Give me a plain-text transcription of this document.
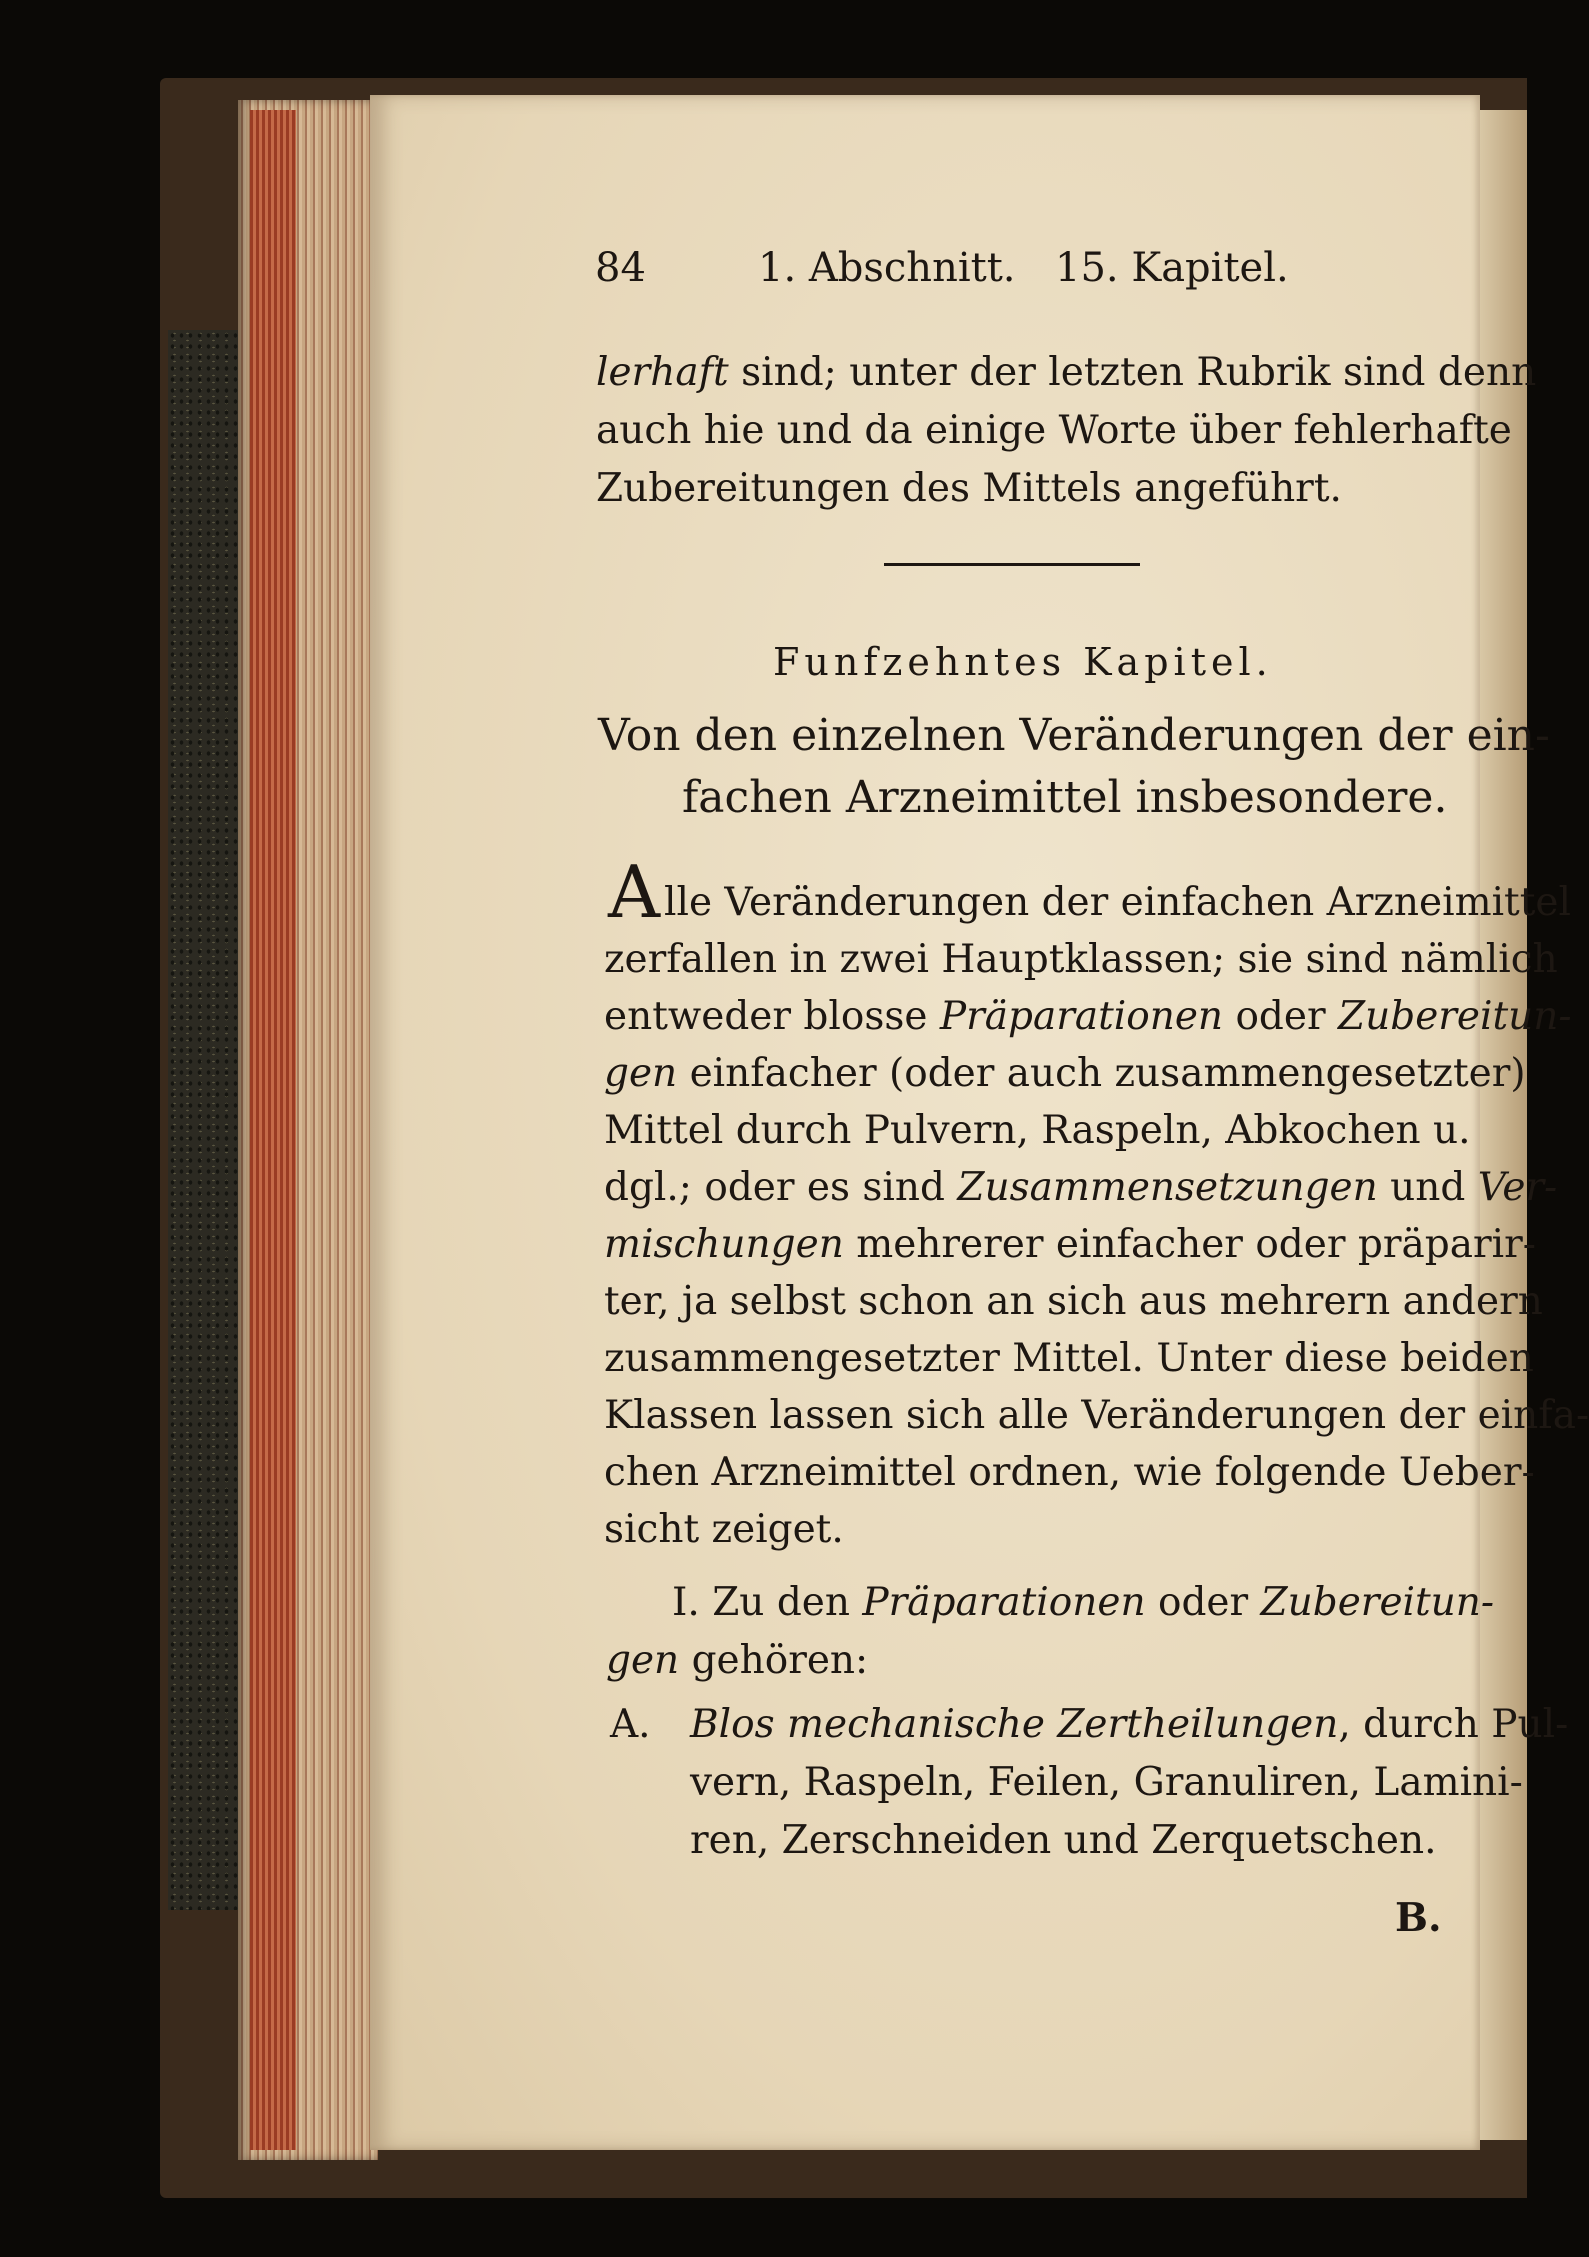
84	1. Abschnitt. 15. Kapitel.
lerhaft sind; unter der letzten Rubrik sind denn
auch hie und da einige Worte über fehlerhafte
Zubereitungen des Mittels angeführt.
Funfzehntes Kapitel.
Von den einzelnen Veränderungen der ein-
fachen Arzneimittel insbesondere.
A lle Veränderungen der einfachen Arzneimittel
zerfallen in zwei Hauptklassen; sie sind nämlich
entweder blosse Präparationen oder Zubereitun-
gen einfacher (oder auch zusammengesetzter)
Mittel durch Pulvern, Raspeln, Abkochen u.
dgl.; oder es sind Zusammensetzungen und Ver-
mischungen mehrerer einfacher oder präparir-
ter, ja selbst schon an sich aus mehrern andern
zusammengesetzter Mittel. Unter diese beiden
Klassen lassen sich alle Veränderungen der einfa-
chen Arzneimittel ordnen, wie folgende Ueber-
sicht zeiget.
I. Zu den Präparationen oder Zubereitun-
gen gehören:
A. Blos mechanische Zertheilungen, durch Pul-
vern, Raspeln, Feilen, Granuliren, Lamini-
ren, Zerschneiden und Zerquetschen.
B.
